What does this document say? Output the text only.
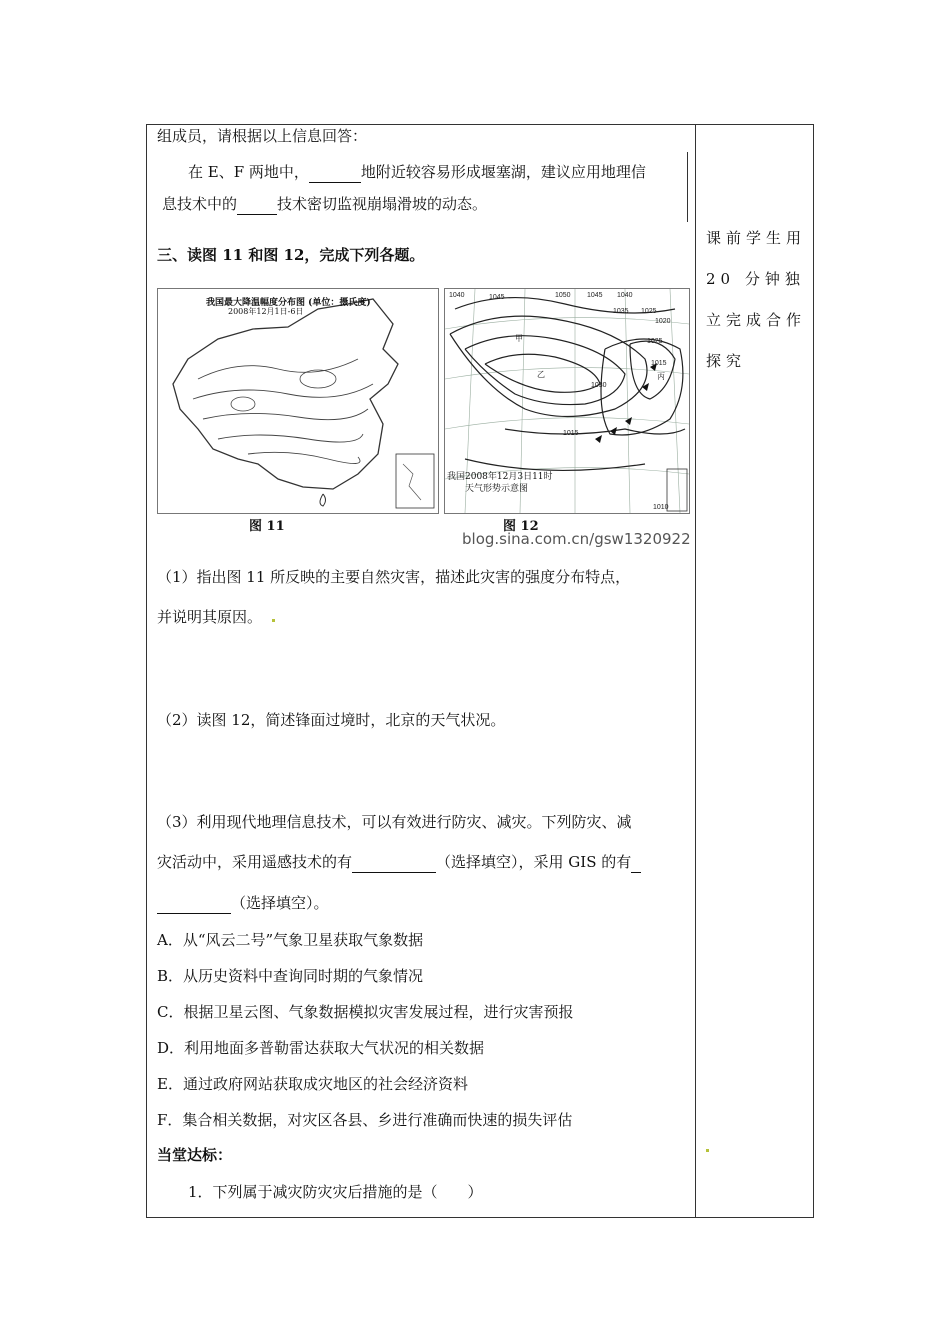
组成员，请根据以上信息回答：
在 E、F 两地中，	地附近较容易形成堰塞湖，建议应用地理信
息技术中的	技术密切监视崩塌滑坡的动态。
三、读图 11 和图 12，完成下列各题。
我国最大降温幅度分布图 (单位：摄氏度)
2008年12月1日-6日
图 11
1040	1045	1050 1045 1040
1035 1025
1020
1025
1015
1030
1015
1010
甲
乙	丙
我国2008年12月3日11时
天气形势示意图
图 12
blog.sina.com.cn/gsw1320922
（1）指出图 11 所反映的主要自然灾害，描述此灾害的强度分布特点，
并说明其原因。
（2）读图 12，简述锋面过境时，北京的天气状况。
（3）利用现代地理信息技术，可以有效进行防灾、减灾。下列防灾、减
灾活动中，采用遥感技术的有	（选择填空），采用 GIS 的有
（选择填空）。
A．从“风云二号”气象卫星获取气象数据
B．从历史资料中查询同时期的气象情况
C．根据卫星云图、气象数据模拟灾害发展过程，进行灾害预报
D．利用地面多普勒雷达获取大气状况的相关数据
E．通过政府网站获取成灾地区的社会经济资料
F．集合相关数据，对灾区各县、乡进行准确而快速的损失评估
当堂达标：
1．下列属于减灾防灾灾后措施的是（　　）
课前学生用 20 分钟独立完成合作探究
